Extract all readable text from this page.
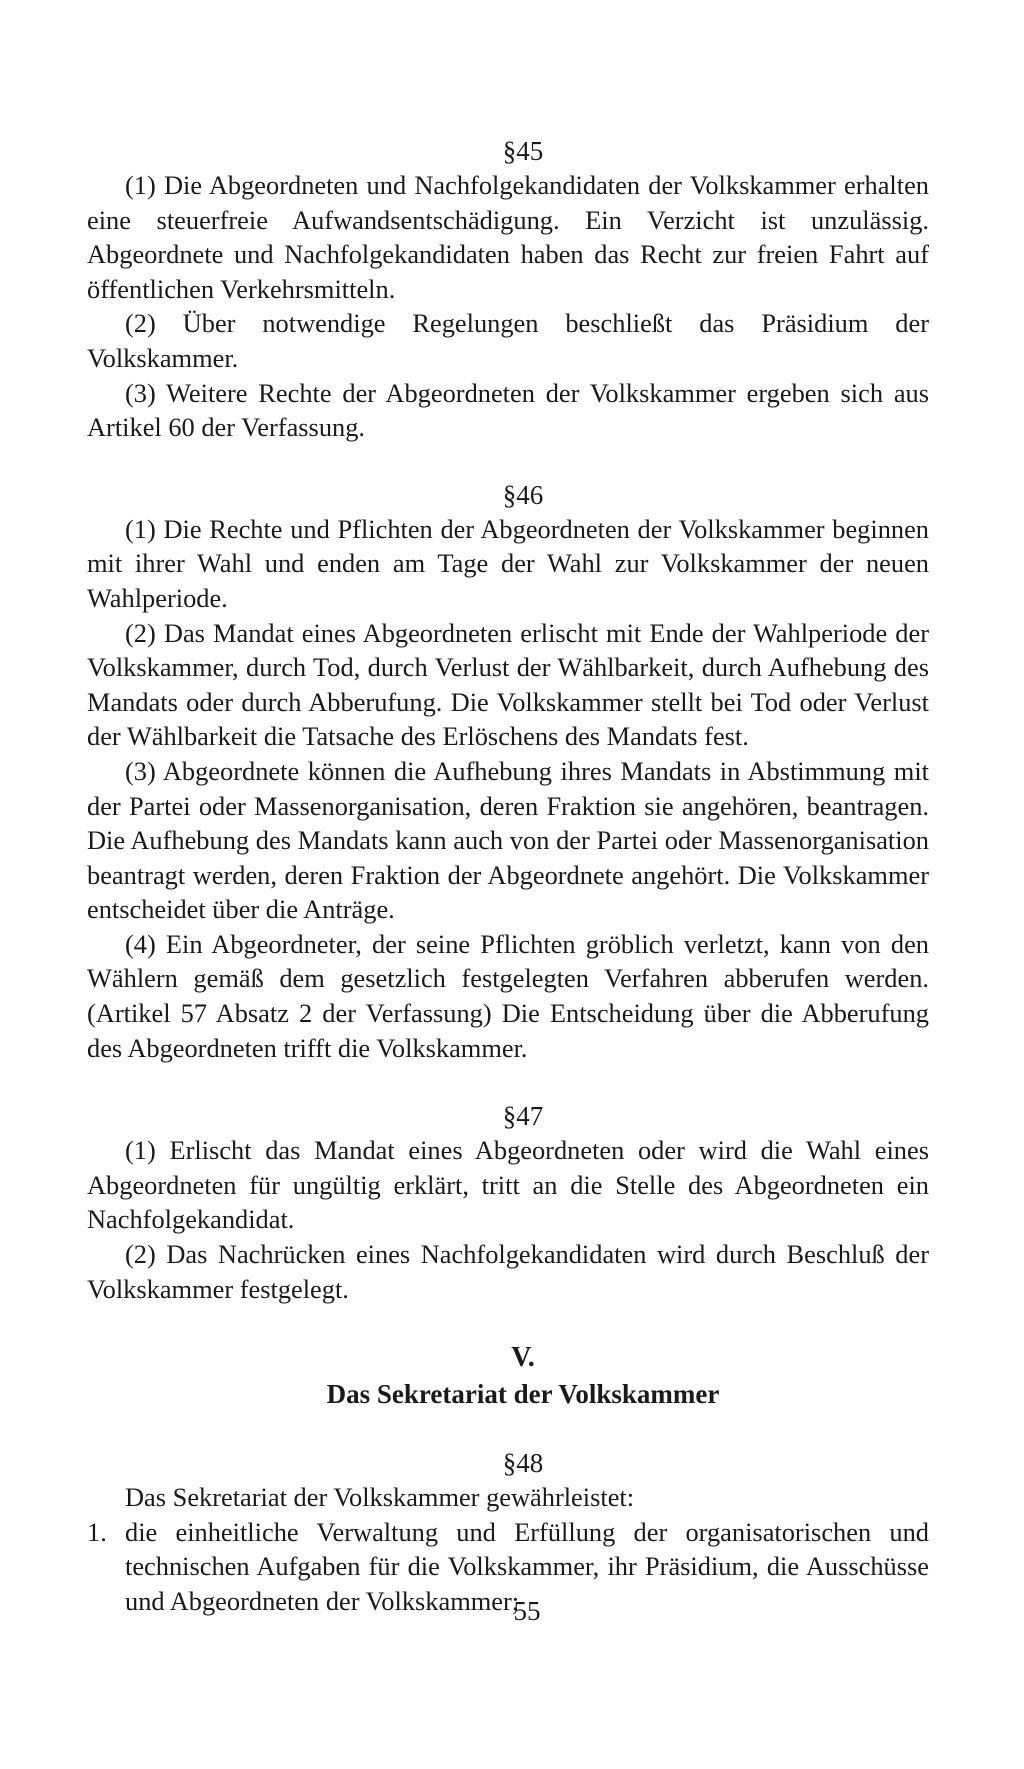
§45

(1) Die Abgeordneten und Nachfolgekandidaten der Volkskammer erhalten eine steuerfreie Aufwandsentschädigung. Ein Verzicht ist unzulässig. Abgeordnete und Nachfolgekandidaten haben das Recht zur freien Fahrt auf öffentlichen Verkehrsmitteln.

(2) Über notwendige Regelungen beschließt das Präsidium der Volkskammer.

(3) Weitere Rechte der Abgeordneten der Volkskammer ergeben sich aus Artikel 60 der Verfassung.

§46

(1) Die Rechte und Pflichten der Abgeordneten der Volkskammer beginnen mit ihrer Wahl und enden am Tage der Wahl zur Volkskammer der neuen Wahlperiode.

(2) Das Mandat eines Abgeordneten erlischt mit Ende der Wahlperiode der Volkskammer, durch Tod, durch Verlust der Wählbarkeit, durch Aufhebung des Mandats oder durch Abberufung. Die Volkskammer stellt bei Tod oder Verlust der Wählbarkeit die Tatsache des Erlöschens des Mandats fest.

(3) Abgeordnete können die Aufhebung ihres Mandats in Abstimmung mit der Partei oder Massenorganisation, deren Fraktion sie angehören, beantragen. Die Aufhebung des Mandats kann auch von der Partei oder Massenorganisation beantragt werden, deren Fraktion der Abgeordnete angehört. Die Volkskammer entscheidet über die Anträge.

(4) Ein Abgeordneter, der seine Pflichten gröblich verletzt, kann von den Wählern gemäß dem gesetzlich festgelegten Verfahren abberufen werden. (Artikel 57 Absatz 2 der Verfassung) Die Entscheidung über die Abberufung des Abgeordneten trifft die Volkskammer.

§47

(1) Erlischt das Mandat eines Abgeordneten oder wird die Wahl eines Abgeordneten für ungültig erklärt, tritt an die Stelle des Abgeordneten ein Nachfolgekandidat.

(2) Das Nachrücken eines Nachfolgekandidaten wird durch Beschluß der Volkskammer festgelegt.

V.

Das Sekretariat der Volkskammer

§48

Das Sekretariat der Volkskammer gewährleistet:

1. die einheitliche Verwaltung und Erfüllung der organisatorischen und technischen Aufgaben für die Volkskammer, ihr Präsidium, die Ausschüsse und Abgeordneten der Volkskammer;
55
